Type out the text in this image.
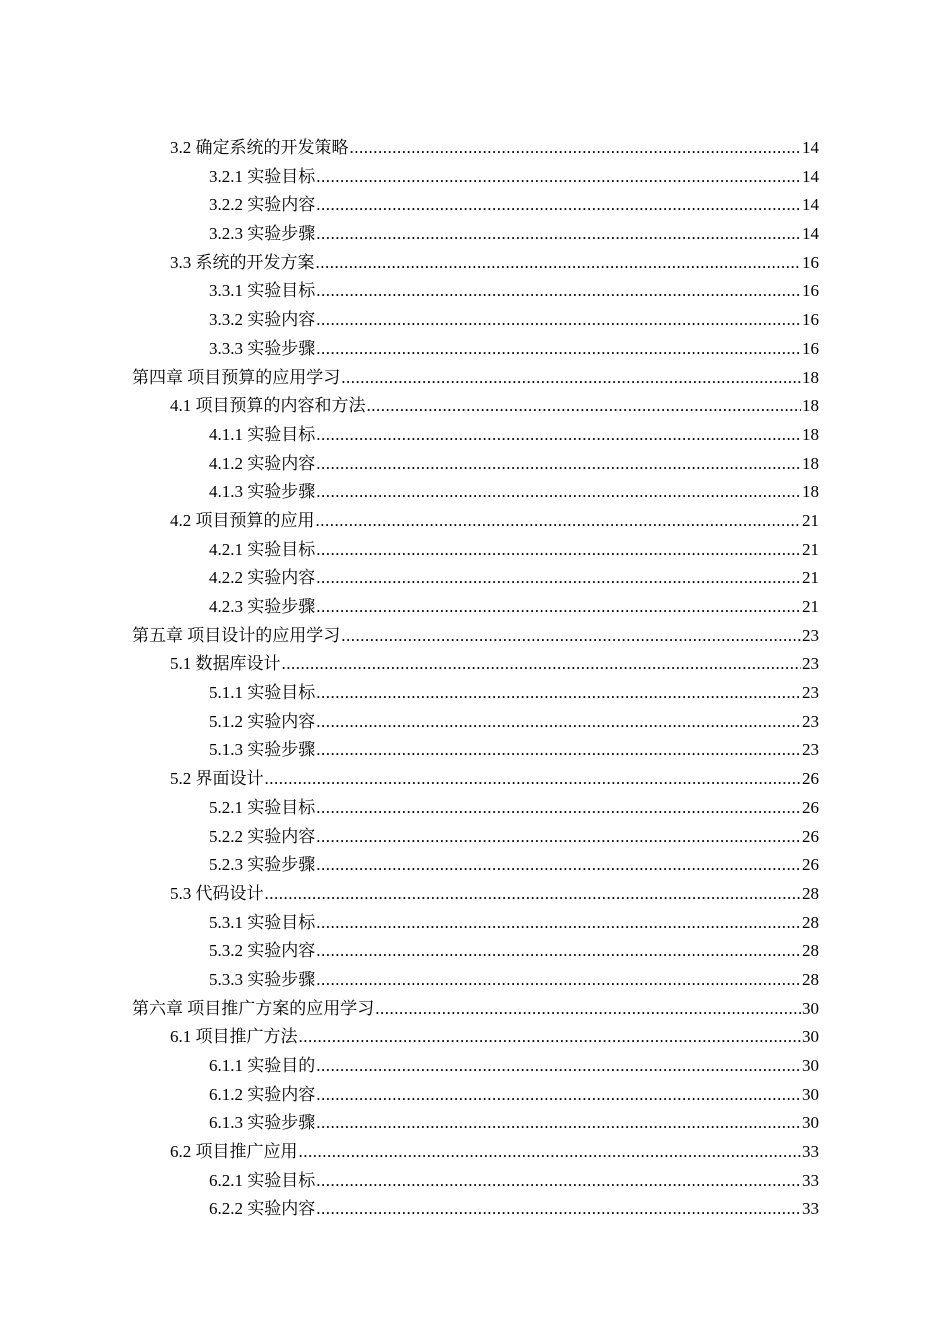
3.2 确定系统的开发策略 .....	14
3.2.1 实验目标 .....	14
3.2.2 实验内容 .....	14
3.2.3 实验步骤 .....	14
3.3 系统的开发方案 .....	16
3.3.1 实验目标 .....	16
3.3.2 实验内容 .....	16
3.3.3 实验步骤 .....	16
第四章 项目预算的应用学习 .....	18
4.1 项目预算的内容和方法 .....	18
4.1.1 实验目标 .....	18
4.1.2 实验内容 .....	18
4.1.3 实验步骤 .....	18
4.2 项目预算的应用 .....	21
4.2.1 实验目标 .....	21
4.2.2 实验内容 .....	21
4.2.3 实验步骤 .....	21
第五章 项目设计的应用学习 .....	23
5.1 数据库设计 .....	23
5.1.1 实验目标 .....	23
5.1.2 实验内容 .....	23
5.1.3 实验步骤 .....	23
5.2 界面设计 .....	26
5.2.1 实验目标 .....	26
5.2.2 实验内容 .....	26
5.2.3 实验步骤 .....	26
5.3 代码设计 .....	28
5.3.1 实验目标 .....	28
5.3.2 实验内容 .....	28
5.3.3 实验步骤 .....	28
第六章 项目推广方案的应用学习 .....	30
6.1 项目推广方法 .....	30
6.1.1 实验目的 .....	30
6.1.2 实验内容 .....	30
6.1.3 实验步骤 .....	30
6.2 项目推广应用 .....	33
6.2.1 实验目标 .....	33
6.2.2 实验内容 .....	33
